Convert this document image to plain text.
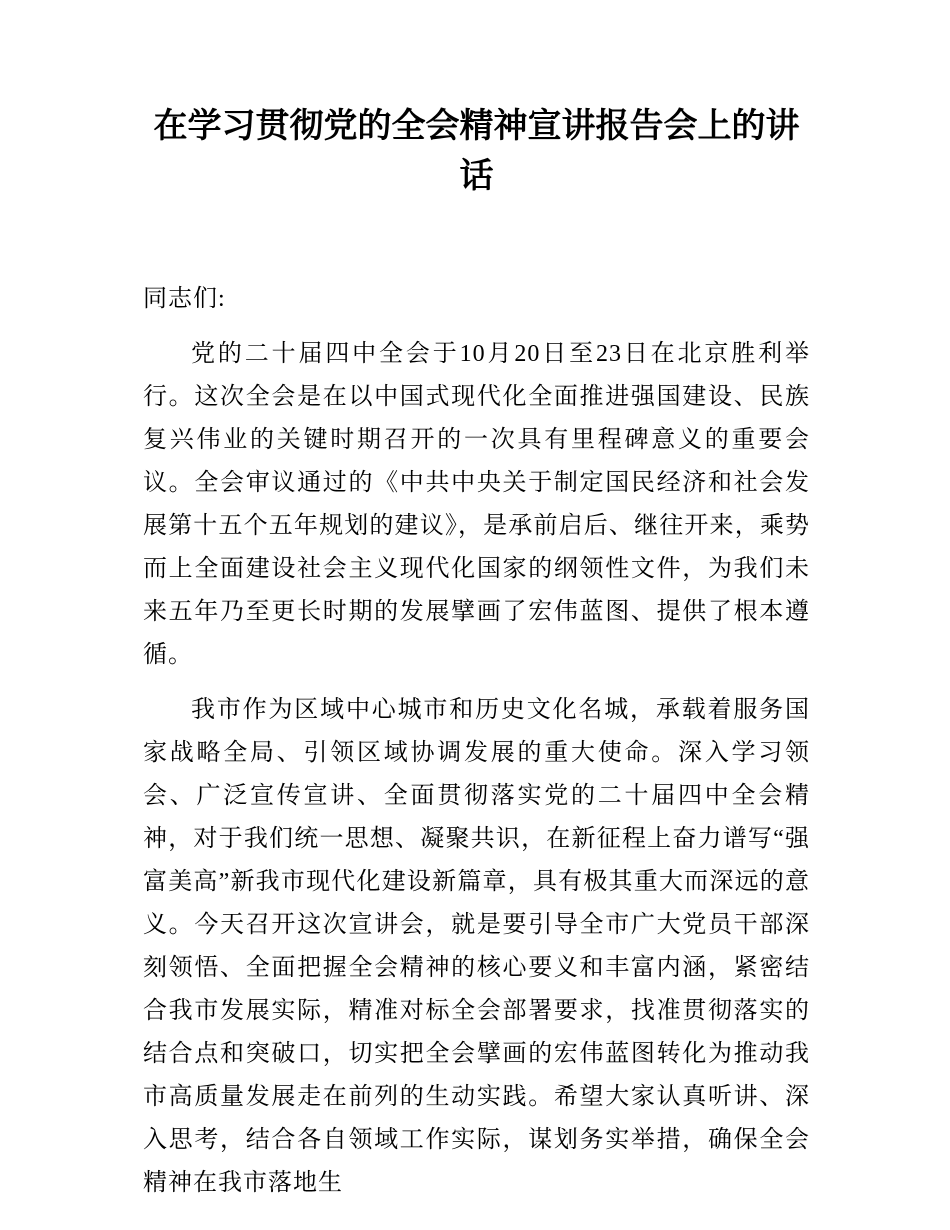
在学习贯彻党的全会精神宣讲报告会上的讲话

同志们:

党的二十届四中全会于10月20日至23日在北京胜利举行。这次全会是在以中国式现代化全面推进强国建设、民族复兴伟业的关键时期召开的一次具有里程碑意义的重要会议。全会审议通过的《中共中央关于制定国民经济和社会发展第十五个五年规划的建议》，是承前启后、继往开来，乘势而上全面建设社会主义现代化国家的纲领性文件，为我们未来五年乃至更长时期的发展擘画了宏伟蓝图、提供了根本遵循。

我市作为区域中心城市和历史文化名城，承载着服务国家战略全局、引领区域协调发展的重大使命。深入学习领会、广泛宣传宣讲、全面贯彻落实党的二十届四中全会精神，对于我们统一思想、凝聚共识，在新征程上奋力谱写“强富美高”新我市现代化建设新篇章，具有极其重大而深远的意义。今天召开这次宣讲会，就是要引导全市广大党员干部深刻领悟、全面把握全会精神的核心要义和丰富内涵，紧密结合我市发展实际，精准对标全会部署要求，找准贯彻落实的结合点和突破口，切实把全会擘画的宏伟蓝图转化为推动我市高质量发展走在前列的生动实践。希望大家认真听讲、深入思考，结合各自领域工作实际，谋划务实举措，确保全会精神在我市落地生
